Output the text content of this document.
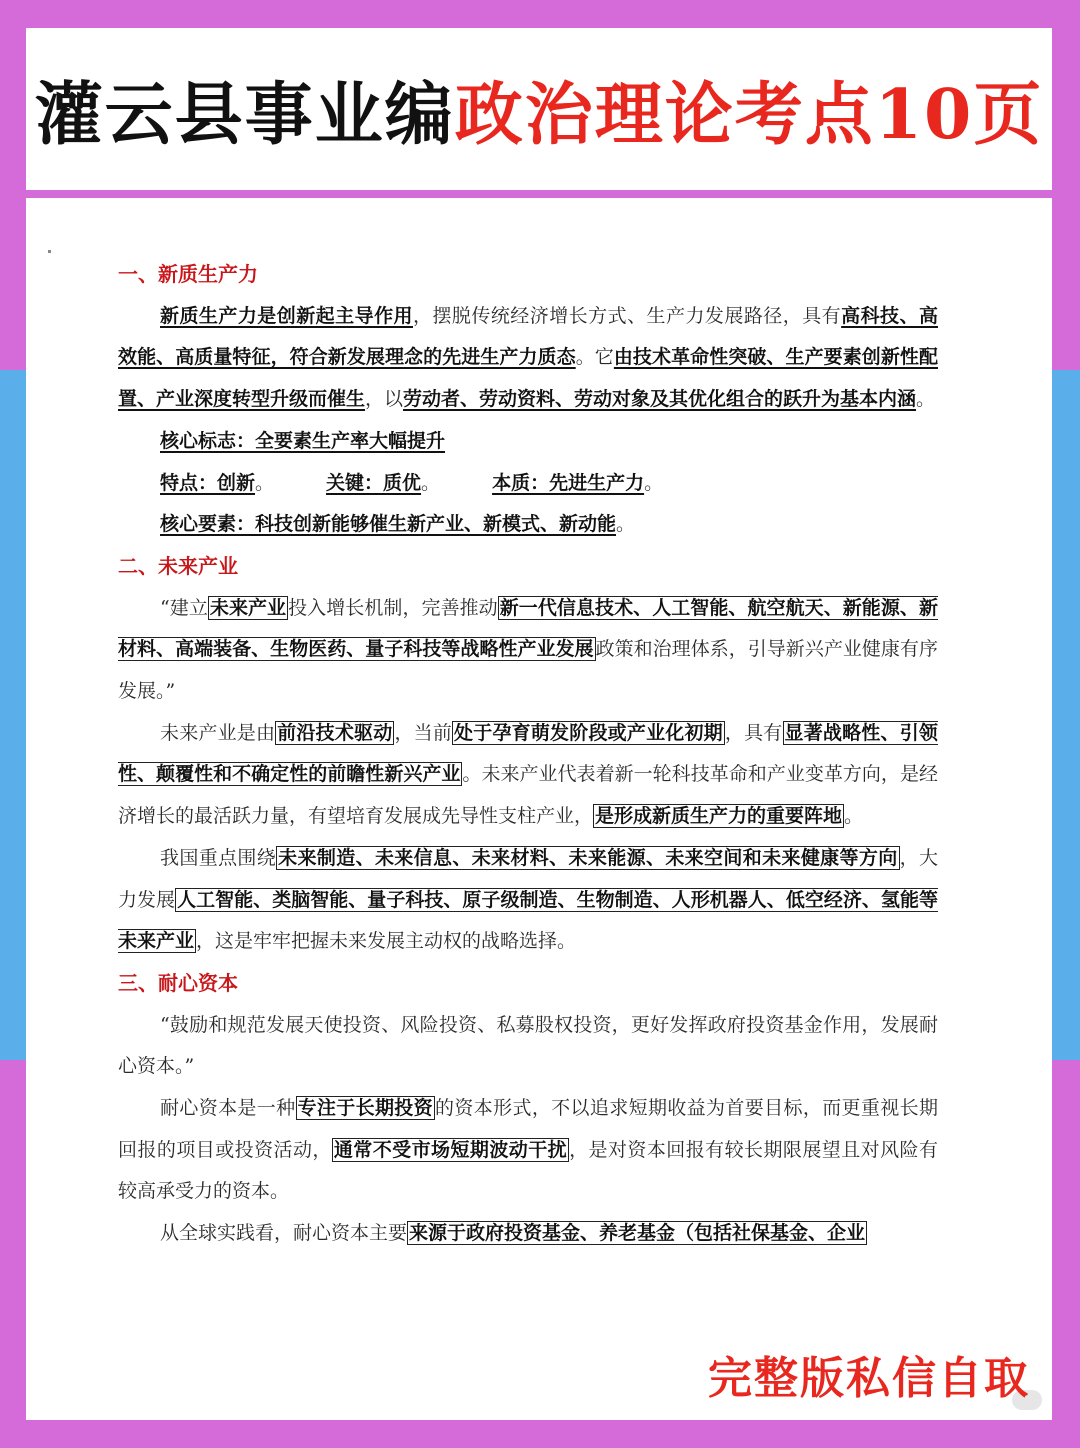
灌云县事业编政治理论考点10页
一、新质生产力

新质生产力是创新起主导作用，摆脱传统经济增长方式、生产力发展路径，具有高科技、高效能、高质量特征，符合新发展理念的先进生产力质态。它由技术革命性突破、生产要素创新性配置、产业深度转型升级而催生，以劳动者、劳动资料、劳动对象及其优化组合的跃升为基本内涵。

核心标志：全要素生产率大幅提升

特点：创新。	关键：质优。	本质：先进生产力。

核心要素：科技创新能够催生新产业、新模式、新动能。

二、未来产业

“建立 未来产业 投入增长机制，完善推动 新一代信息技术、人工智能、航空航天、新能源、新材料、高端装备、生物医药、量子科技等战略性产业发展 政策和治理体系，引导新兴产业健康有序发展。”

未来产业是由 前沿技术驱动 ，当前 处于孕育萌发阶段或产业化初期 ，具有 显著战略性、引领性、颠覆性和不确定性的前瞻性新兴产业 。未来产业代表着新一轮科技革命和产业变革方向，是经济增长的最活跃力量，有望培育发展成先导性支柱产业， 是形成新质生产力的重要阵地 。

我国重点围绕 未来制造、未来信息、未来材料、未来能源、未来空间和未来健康等方向 ，大力发展 人工智能、类脑智能、量子科技、原子级制造、生物制造、人形机器人、低空经济、氢能等未来产业 ，这是牢牢把握未来发展主动权的战略选择。

三、耐心资本

“鼓励和规范发展天使投资、风险投资、私募股权投资，更好发挥政府投资基金作用，发展耐心资本。”

耐心资本是一种 专注于长期投资 的资本形式，不以追求短期收益为首要目标，而更重视长期回报的项目或投资活动， 通常不受市场短期波动干扰 ，是对资本回报有较长期限展望且对风险有较高承受力的资本。

从全球实践看，耐心资本主要 来源于政府投资基金、养老基金（包括社保基金、企业

完整版私信自取
